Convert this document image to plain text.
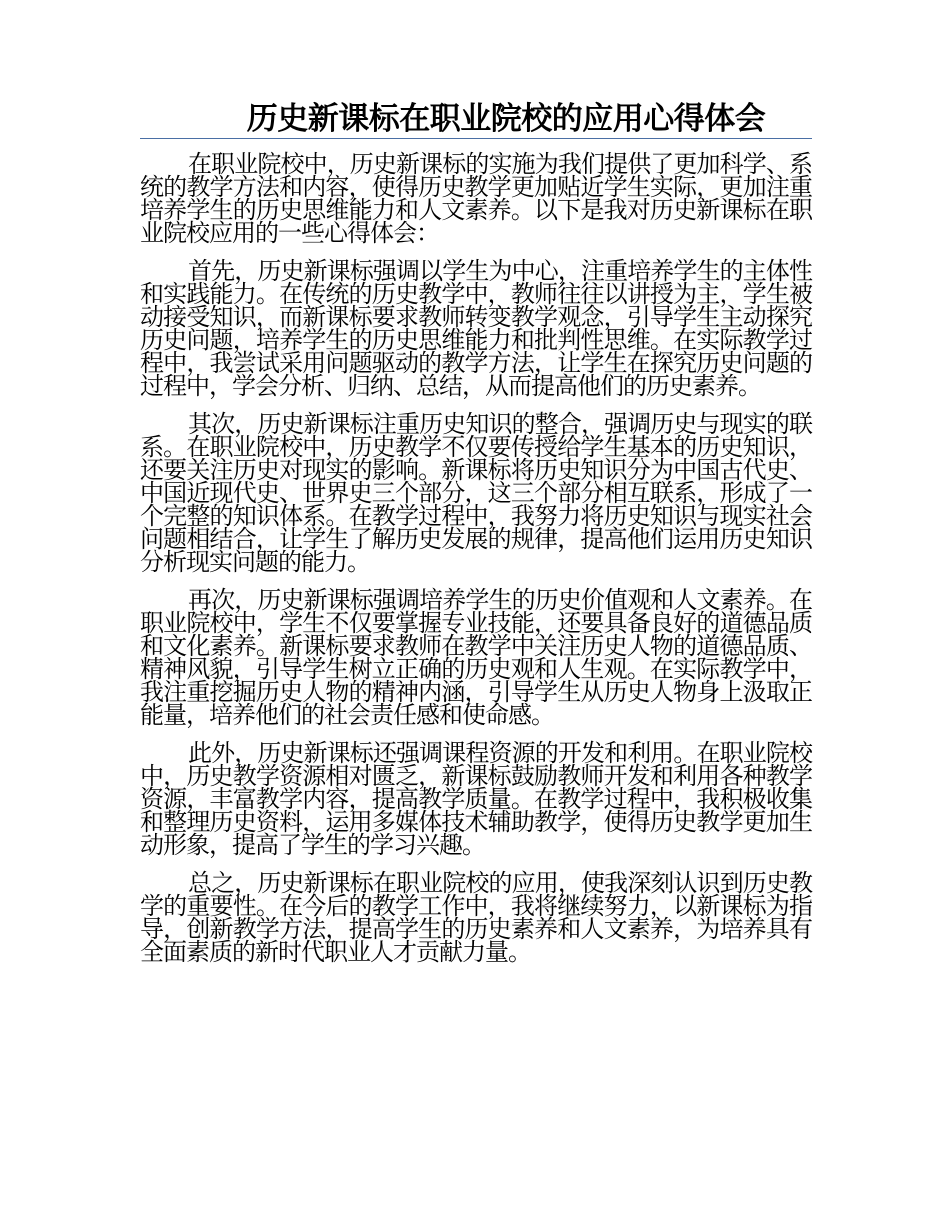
历史新课标在职业院校的应用心得体会

在职业院校中，历史新课标的实施为我们提供了更加科学、系统的教学方法和内容，使得历史教学更加贴近学生实际，更加注重培养学生的历史思维能力和人文素养。以下是我对历史新课标在职业院校应用的一些心得体会：

首先，历史新课标强调以学生为中心，注重培养学生的主体性和实践能力。在传统的历史教学中，教师往往以讲授为主，学生被动接受知识，而新课标要求教师转变教学观念，引导学生主动探究历史问题，培养学生的历史思维能力和批判性思维。在实际教学过程中，我尝试采用问题驱动的教学方法，让学生在探究历史问题的过程中，学会分析、归纳、总结，从而提高他们的历史素养。

其次，历史新课标注重历史知识的整合，强调历史与现实的联系。在职业院校中，历史教学不仅要传授给学生基本的历史知识，还要关注历史对现实的影响。新课标将历史知识分为中国古代史、中国近现代史、世界史三个部分，这三个部分相互联系，形成了一个完整的知识体系。在教学过程中，我努力将历史知识与现实社会问题相结合，让学生了解历史发展的规律，提高他们运用历史知识分析现实问题的能力。

再次，历史新课标强调培养学生的历史价值观和人文素养。在职业院校中，学生不仅要掌握专业技能，还要具备良好的道德品质和文化素养。新课标要求教师在教学中关注历史人物的道德品质、精神风貌，引导学生树立正确的历史观和人生观。在实际教学中，我注重挖掘历史人物的精神内涵，引导学生从历史人物身上汲取正能量，培养他们的社会责任感和使命感。

此外，历史新课标还强调课程资源的开发和利用。在职业院校中，历史教学资源相对匮乏，新课标鼓励教师开发和利用各种教学资源，丰富教学内容，提高教学质量。在教学过程中，我积极收集和整理历史资料，运用多媒体技术辅助教学，使得历史教学更加生动形象，提高了学生的学习兴趣。

总之，历史新课标在职业院校的应用，使我深刻认识到历史教学的重要性。在今后的教学工作中，我将继续努力，以新课标为指导，创新教学方法，提高学生的历史素养和人文素养，为培养具有全面素质的新时代职业人才贡献力量。
